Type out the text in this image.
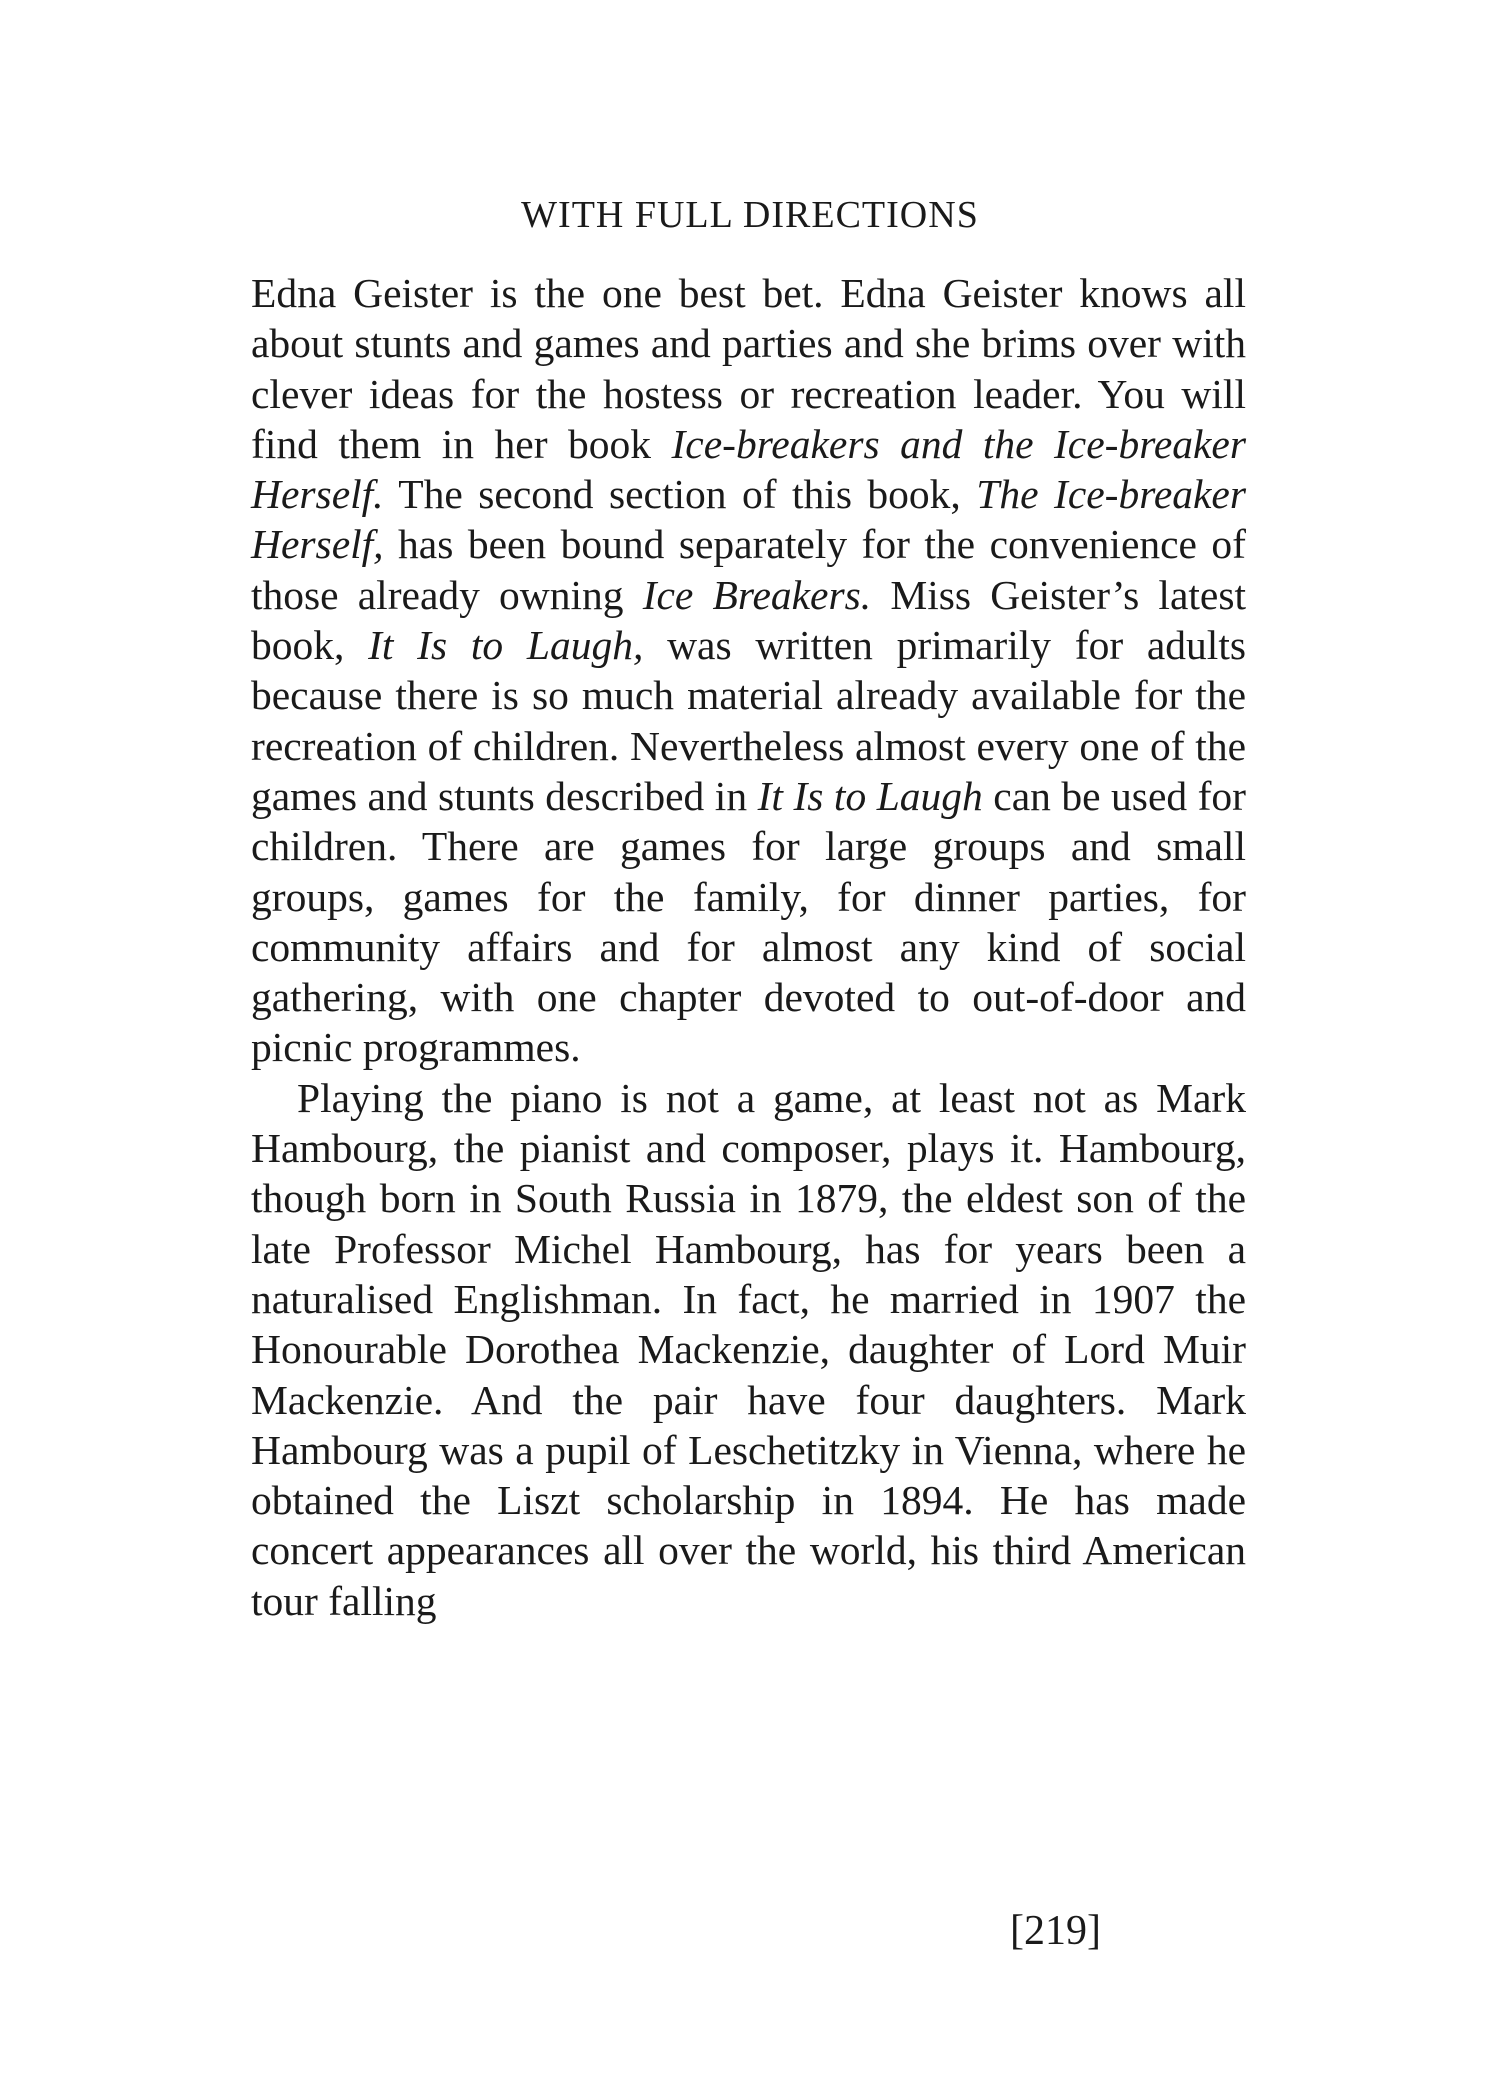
WITH FULL DIRECTIONS

Edna Geister is the one best bet. Edna Geister knows all about stunts and games and parties and she brims over with clever ideas for the hostess or recreation leader. You will find them in her book Ice-breakers and the Ice-breaker Herself. The second section of this book, The Ice-breaker Herself, has been bound separately for the convenience of those already owning Ice Breakers. Miss Geister’s latest book, It Is to Laugh, was written primarily for adults because there is so much material already available for the recreation of children. Nevertheless almost every one of the games and stunts described in It Is to Laugh can be used for children. There are games for large groups and small groups, games for the family, for dinner parties, for community affairs and for almost any kind of social gathering, with one chapter devoted to out-of-door and picnic programmes.

Playing the piano is not a game, at least not as Mark Hambourg, the pianist and composer, plays it. Hambourg, though born in South Russia in 1879, the eldest son of the late Professor Michel Hambourg, has for years been a naturalised Englishman. In fact, he married in 1907 the Honourable Dorothea Mackenzie, daughter of Lord Muir Mackenzie. And the pair have four daughters. Mark Hambourg was a pupil of Leschetitzky in Vienna, where he obtained the Liszt scholarship in 1894. He has made concert appearances all over the world, his third American tour falling

[219]
